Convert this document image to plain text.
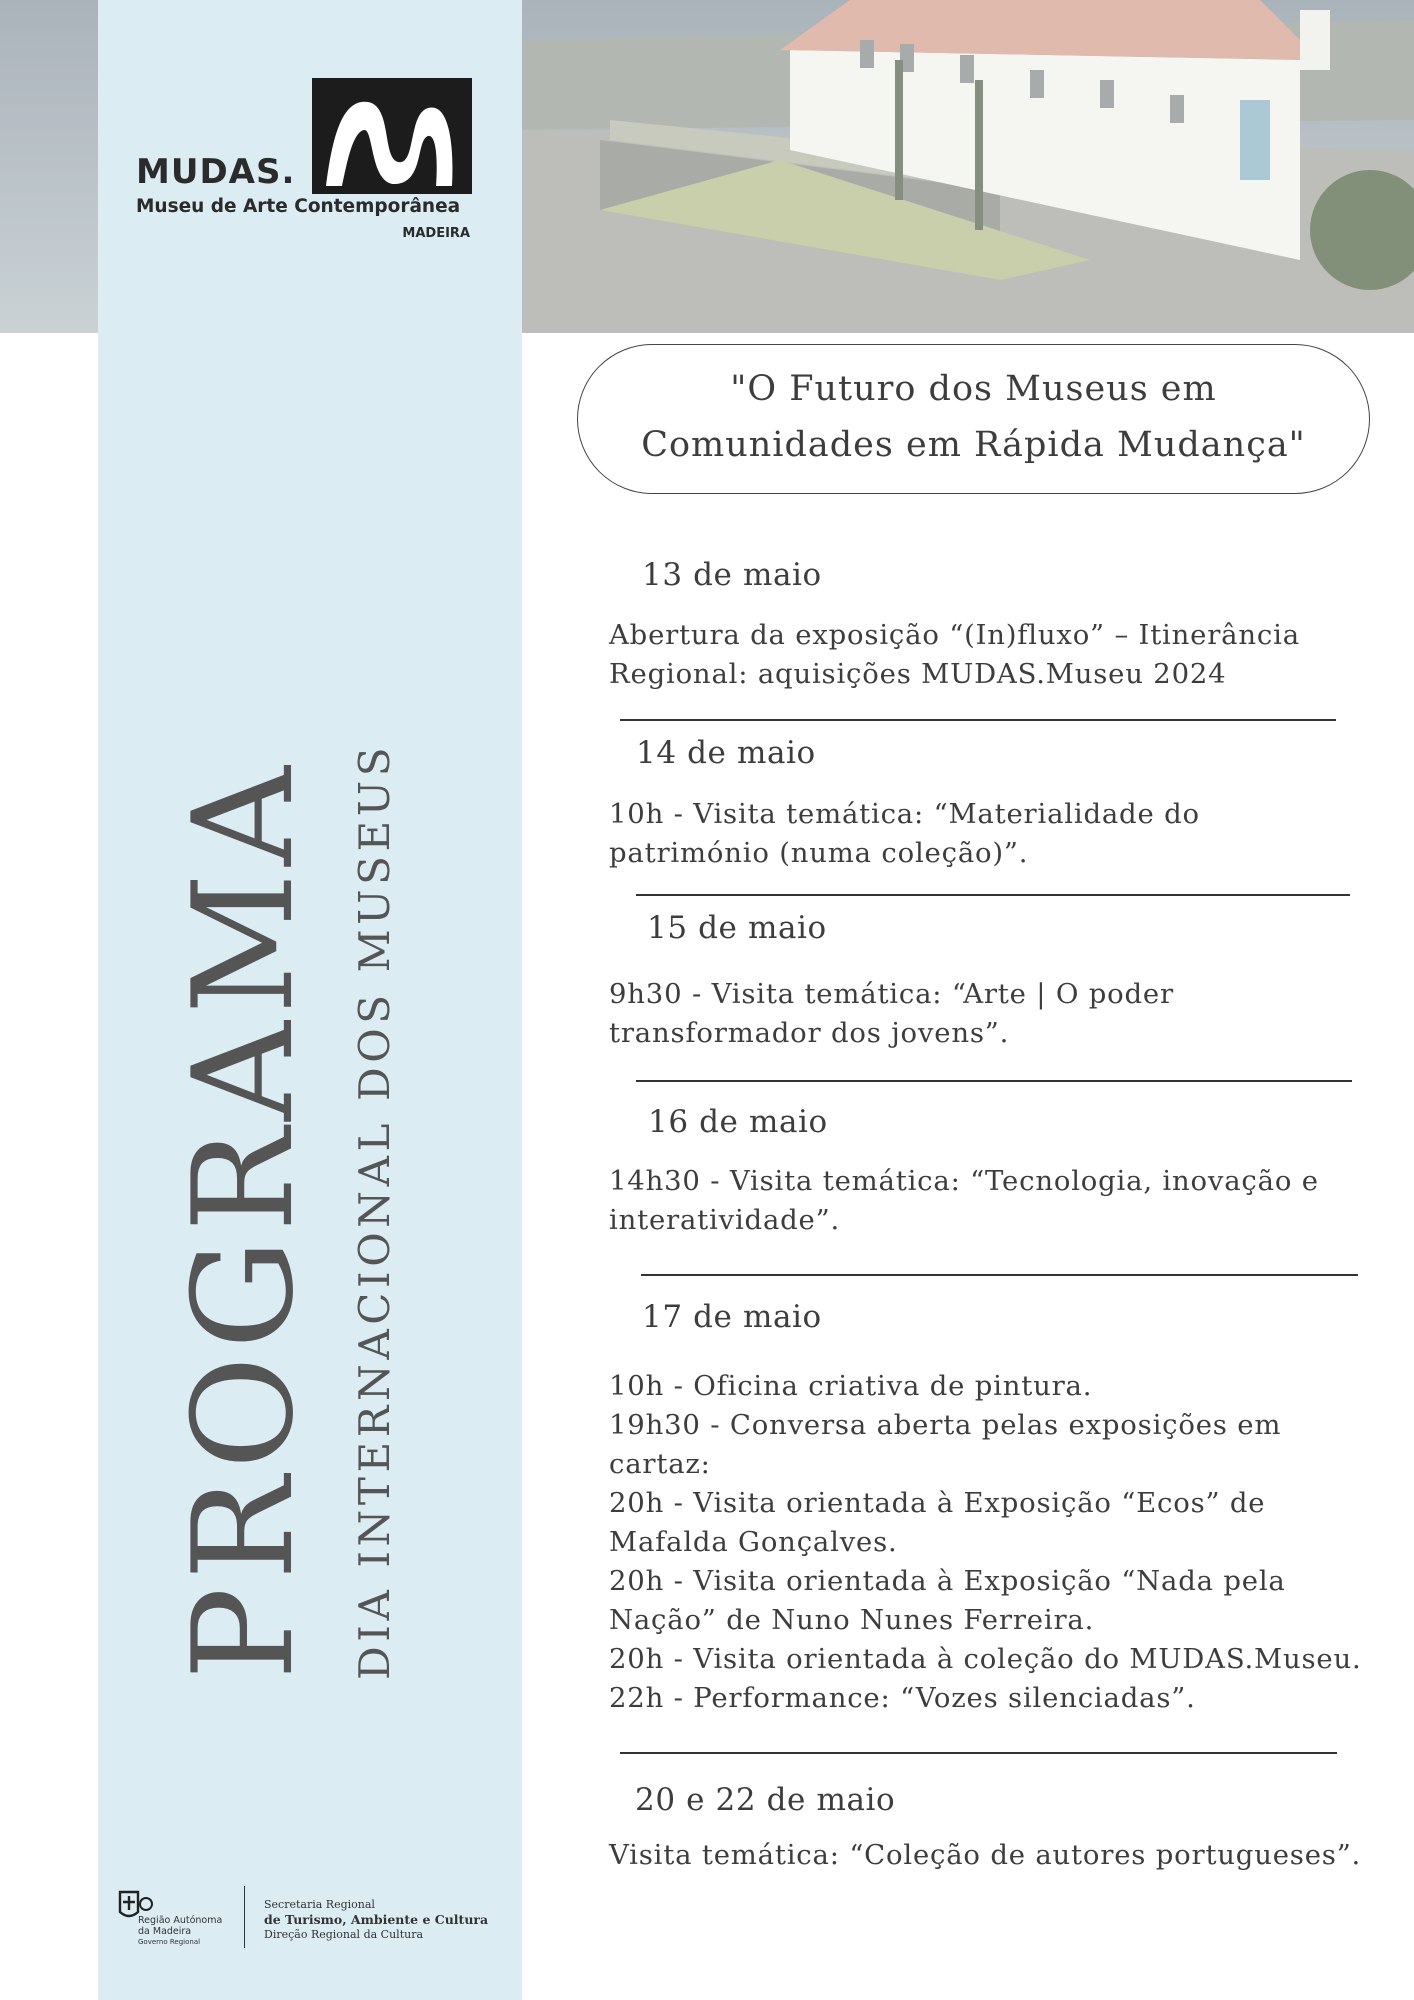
MUDAS.
Museu de Arte Contemporânea
MADEIRA
PROGRAMA DIA INTERNACIONAL DOS MUSEUS
Região Autónoma
da Madeira
Governo Regional
Secretaria Regional
de Turismo, Ambiente e Cultura
Direção Regional da Cultura
"O Futuro dos Museus em
Comunidades em Rápida Mudança"
13 de maio
Abertura da exposição “(In)fluxo” – Itinerância
Regional: aquisições MUDAS.Museu 2024
14 de maio
10h - Visita temática: “Materialidade do
património (numa coleção)”.
15 de maio
9h30 - Visita temática: “Arte | O poder
transformador dos jovens”.
16 de maio
14h30 - Visita temática: “Tecnologia, inovação e
interatividade”.
17 de maio
10h - Oficina criativa de pintura.
19h30 - Conversa aberta pelas exposições em
cartaz:
20h - Visita orientada à Exposição “Ecos” de
Mafalda Gonçalves.
20h - Visita orientada à Exposição “Nada pela
Nação” de Nuno Nunes Ferreira.
20h - Visita orientada à coleção do MUDAS.Museu.
22h - Performance: “Vozes silenciadas”.
20 e 22 de maio
Visita temática: “Coleção de autores portugueses”.
